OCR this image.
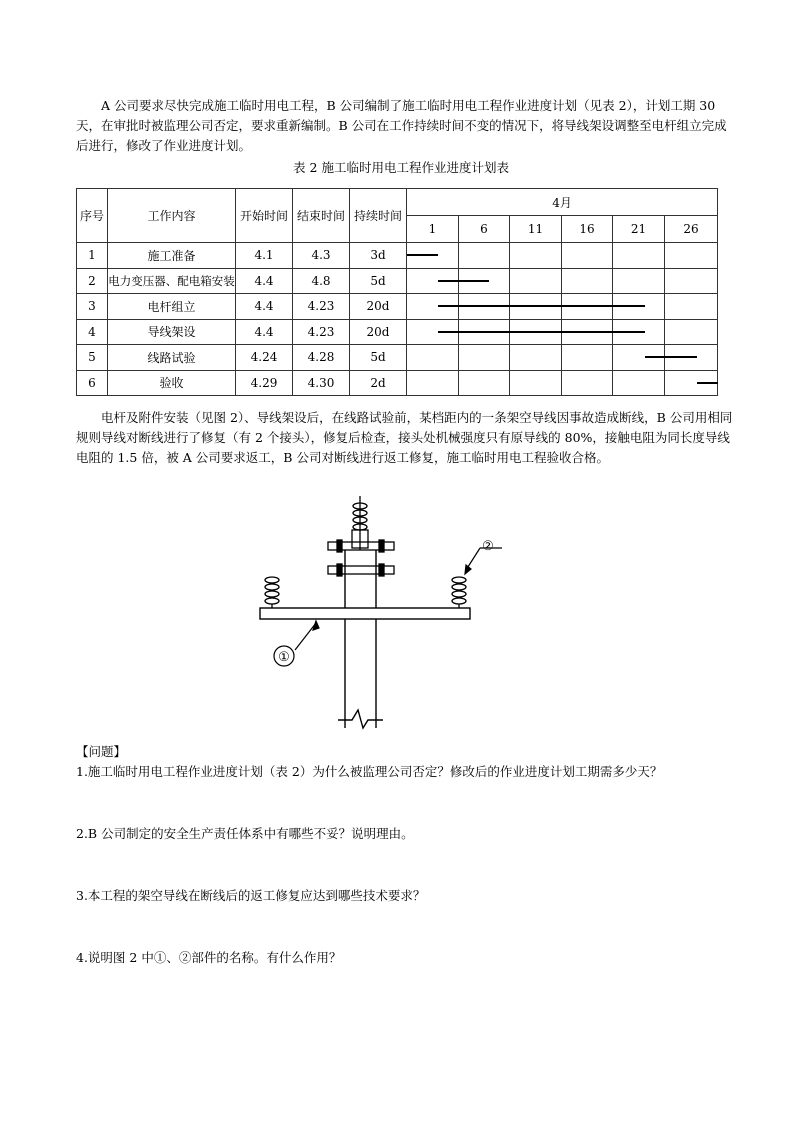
A 公司要求尽快完成施工临时用电工程，B 公司编制了施工临时用电工程作业进度计划（见表 2），计划工期 30 天，在审批时被监理公司否定，要求重新编制。B 公司在工作持续时间不变的情况下，将导线架设调整至电杆组立完成后进行，修改了作业进度计划。

表 2 施工临时用电工程作业进度计划表
序号	工作内容	开始时间	结束时间	持续时间	4月					
					1	6	11	16	21	26
1	施工准备	4.1	4.3	3d						
2	电力变压器、配电箱安装	4.4	4.8	5d						
3	电杆组立	4.4	4.23	20d						
4	导线架设	4.4	4.23	20d						
5	线路试验	4.24	4.28	5d						
6	验收	4.29	4.30	2d						

电杆及附件安装（见图 2）、导线架设后，在线路试验前，某档距内的一条架空导线因事故造成断线，B 公司用相同规则导线对断线进行了修复（有 2 个接头），修复后检查，接头处机械强度只有原导线的 80%，接触电阻为同长度导线电阻的 1.5 倍，被 A 公司要求返工，B 公司对断线进行返工修复，施工临时用电工程验收合格。

①
②

【问题】

1.施工临时用电工程作业进度计划（表 2）为什么被监理公司否定？修改后的作业进度计划工期需多少天？

2.B 公司制定的安全生产责任体系中有哪些不妥？说明理由。

3.本工程的架空导线在断线后的返工修复应达到哪些技术要求？

4.说明图 2 中①、②部件的名称。有什么作用？
